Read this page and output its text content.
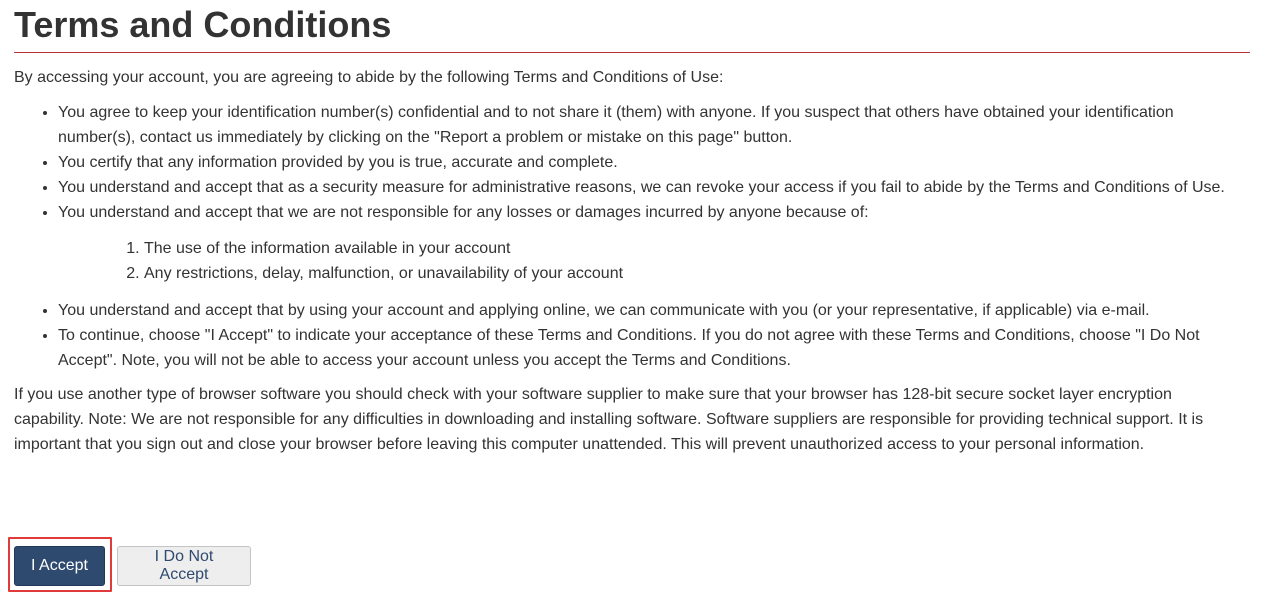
Terms and Conditions

By accessing your account, you are agreeing to abide by the following Terms and Conditions of Use:

• You agree to keep your identification number(s) confidential and to not share it (them) with anyone. If you suspect that others have obtained your identification number(s), contact us immediately by clicking on the "Report a problem or mistake on this page" button.
• You certify that any information provided by you is true, accurate and complete.
• You understand and accept that as a security measure for administrative reasons, we can revoke your access if you fail to abide by the Terms and Conditions of Use.
• You understand and accept that we are not responsible for any losses or damages incurred by anyone because of:
1. The use of the information available in your account
2. Any restrictions, delay, malfunction, or unavailability of your account
• You understand and accept that by using your account and applying online, we can communicate with you (or your representative, if applicable) via e-mail.
• To continue, choose "I Accept" to indicate your acceptance of these Terms and Conditions. If you do not agree with these Terms and Conditions, choose "I Do Not Accept". Note, you will not be able to access your account unless you accept the Terms and Conditions.

If you use another type of browser software you should check with your software supplier to make sure that your browser has 128-bit secure socket layer encryption capability. Note: We are not responsible for any difficulties in downloading and installing software. Software suppliers are responsible for providing technical support. It is important that you sign out and close your browser before leaving this computer unattended. This will prevent unauthorized access to your personal information.

I Accept
I Do Not Accept
